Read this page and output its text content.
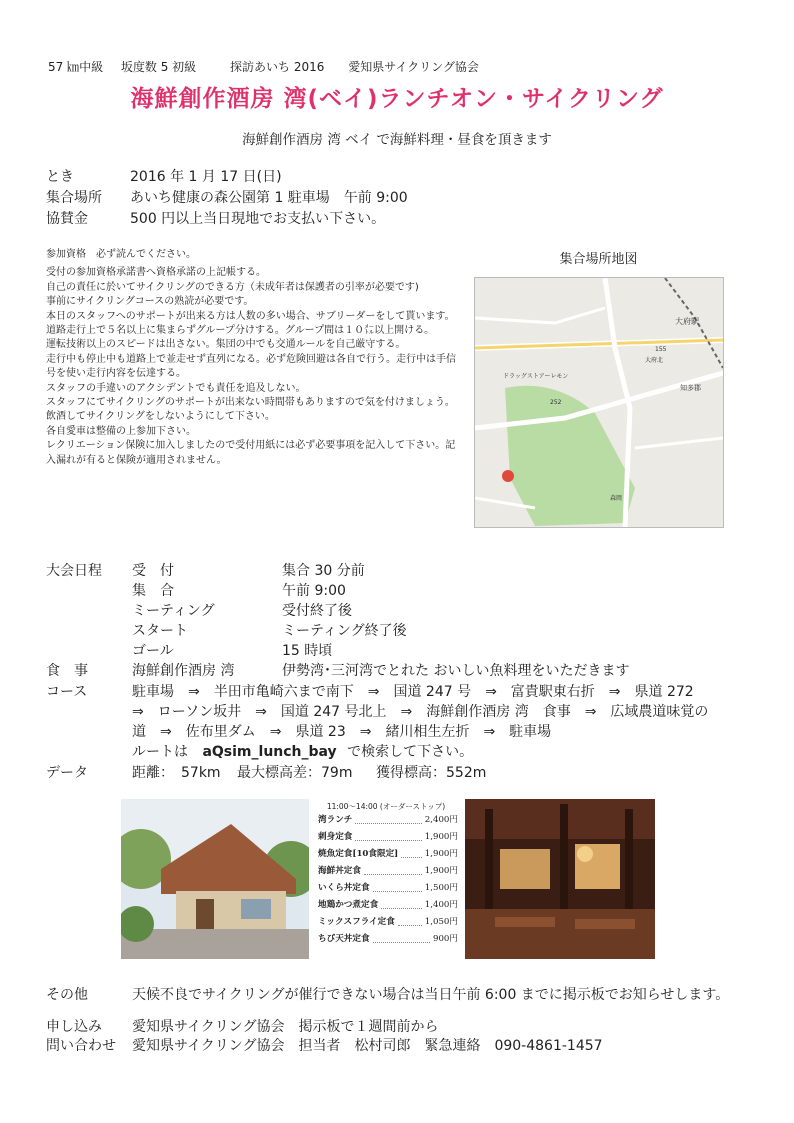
57 ㎞中級 坂度数 5 初級	探訪あいち 2016 愛知県サイクリング協会
海鮮創作酒房 湾(ベイ)ランチオン・サイクリング
海鮮創作酒房 湾 ベイ で海鮮料理・昼食を頂きます
とき	2016 年 1 月 17 日(日)
集合場所 あいち健康の森公園第 1 駐車場　午前 9:00
協賛金	500 円以上当日現地でお支払い下さい。
参加資格　必ず読んでください。
受付の参加資格承諾書へ資格承諾の上記帳する。
自己の責任に於いてサイクリングのできる方（未成年者は保護者の引率が必要です)
事前にサイクリングコースの熟読が必要です。
本日のスタッフへのサポートが出来る方は人数の多い場合、サブリーダーをして貰います。
道路走行上で５名以上に集まらずグループ分けする。グループ間は１０㍍以上開ける。
運転技術以上のスピードは出さない。集団の中でも交通ルールを自己厳守する。
走行中も停止中も道路上で並走せず直列になる。必ず危険回避は各自で行う。走行中は手信号を使い走行内容を伝達する。
スタッフの手違いのアクシデントでも責任を追及しない。
スタッフにてサイクリングのサポートが出来ない時間帯もありますので気を付けましょう。
飲酒してサイクリングをしないようにして下さい。
各自愛車は整備の上参加下さい。
レクリエーション保険に加入しましたので受付用紙には必ず必要事項を記入して下さい。記入漏れが有ると保険が適用されません。
集合場所地図
大府駅
ドラッグストアーレモン
知多郡
森岡
大府北
252
155
大会日程 受　付	集合 30 分前
集　合	午前 9:00
ミーティング	受付終了後
スタート	ミーティング終了後
ゴール	15 時頃
食　事	海鮮創作酒房 湾	伊勢湾･三河湾でとれた おいしい魚料理をいただきます
コース	駐車場　⇒　半田市亀崎六まで南下　⇒　国道 247 号　⇒　富貴駅東右折　⇒　県道 272
⇒　ローソン坂井　⇒　国道 247 号北上　⇒　海鮮創作酒房 湾　食事　⇒　広域農道味覚の
道　⇒　佐布里ダム　⇒　県道 23　⇒　緒川相生左折　⇒　駐車場
ルートは aQsim_lunch_bay で検索して下さい。
データ	距離：　57km 最大標高差：79m 獲得標高：552m
11:00～14:00 (オーダーストップ)
湾ランチ	2,400円
刺身定食	1,900円
焼魚定食[10食限定]	1,900円
海鮮丼定食	1,900円
いくら丼定食	1,500円
地鶏かつ煮定食	1,400円
ミックスフライ定食	1,050円
ちび天丼定食	900円
その他	天候不良でサイクリングが催行できない場合は当日午前 6:00 までに掲示板でお知らせします。
申し込み 愛知県サイクリング協会　掲示板で１週間前から
問い合わせ 愛知県サイクリング協会　担当者　松村司郎　緊急連絡　090-4861-1457
